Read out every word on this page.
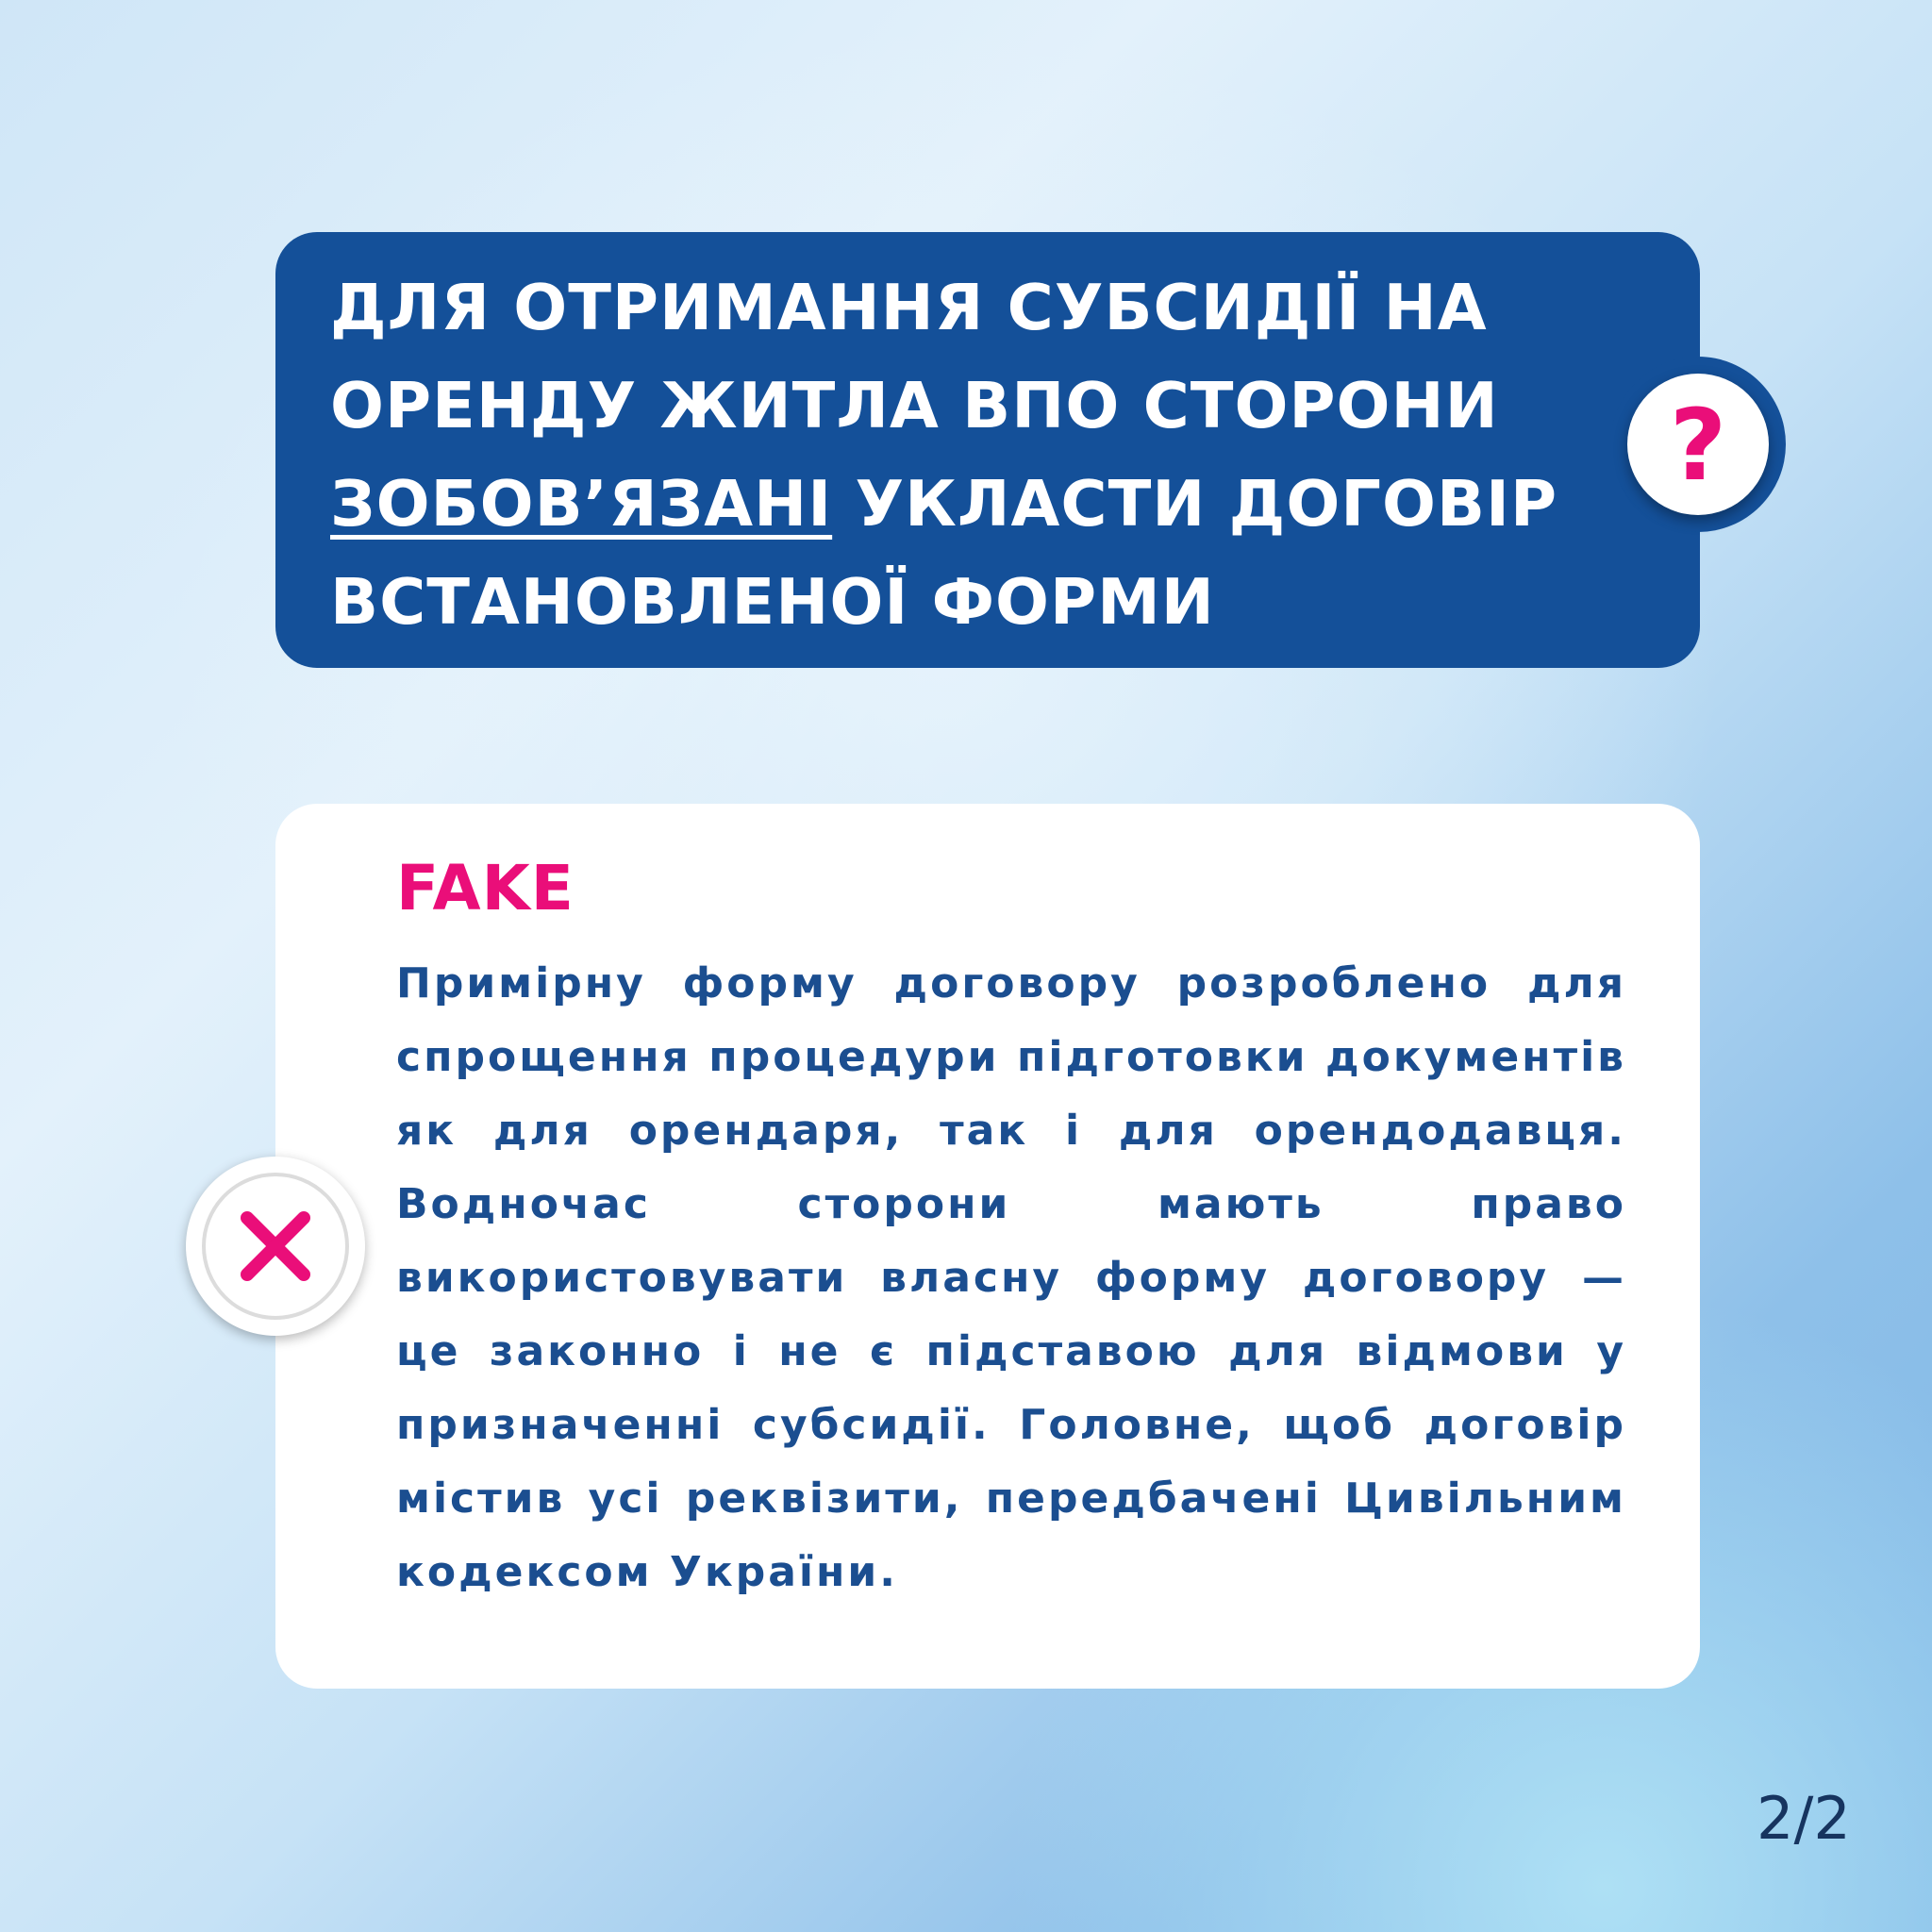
ДЛЯ ОТРИМАННЯ СУБСИДІЇ НА
ОРЕНДУ ЖИТЛА ВПО СТОРОНИ
ЗОБОВ’ЯЗАНІ УКЛАСТИ ДОГОВІР
ВСТАНОВЛЕНОЇ ФОРМИ

?

FAKE

Примірну форму договору розроблено для спрощення процедури підготовки документів як для орендаря, так і для орендодавця. Водночас сторони мають право використовувати власну форму договору — це законно і не є підставою для відмови у призначенні субсидії. Головне, щоб договір містив усі реквізити, передбачені Цивільним кодексом України.

2/2
